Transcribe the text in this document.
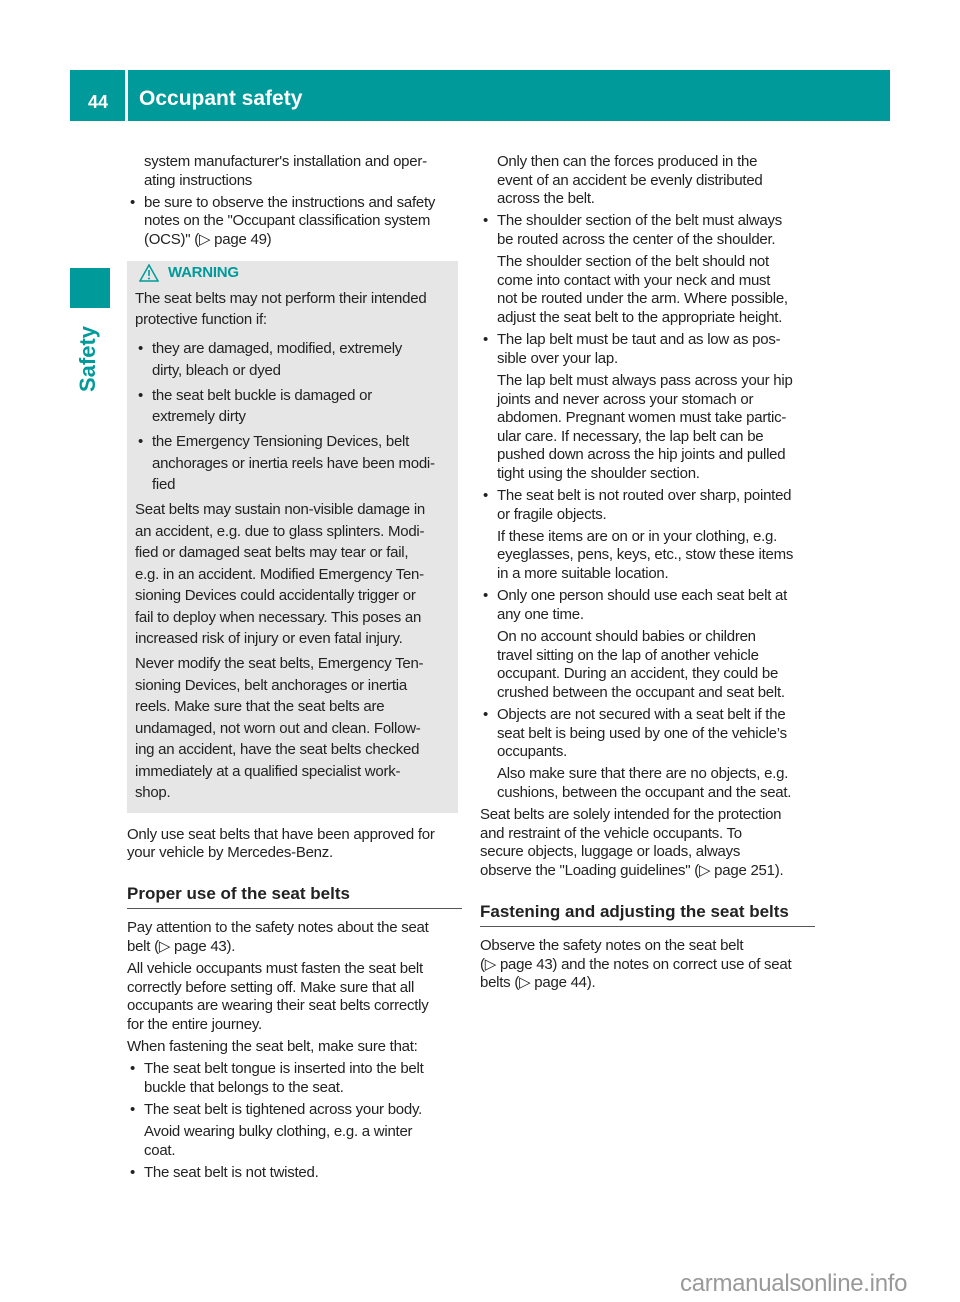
44 Occupant safety
Safety

system manufacturer's installation and oper-
ating instructions

• be sure to observe the instructions and safety
notes on the "Occupant classification system
(OCS)" (▷ page 49)

WARNING

The seat belts may not perform their intended
protective function if:

• they are damaged, modified, extremely
dirty, bleach or dyed

• the seat belt buckle is damaged or
extremely dirty

• the Emergency Tensioning Devices, belt
anchorages or inertia reels have been modi-
fied

Seat belts may sustain non-visible damage in
an accident, e.g. due to glass splinters. Modi-
fied or damaged seat belts may tear or fail,
e.g. in an accident. Modified Emergency Ten-
sioning Devices could accidentally trigger or
fail to deploy when necessary. This poses an
increased risk of injury or even fatal injury.

Never modify the seat belts, Emergency Ten-
sioning Devices, belt anchorages or inertia
reels. Make sure that the seat belts are
undamaged, not worn out and clean. Follow-
ing an accident, have the seat belts checked
immediately at a qualified specialist work-
shop.

Only use seat belts that have been approved for
your vehicle by Mercedes-Benz.

Proper use of the seat belts

Pay attention to the safety notes about the seat
belt (▷ page 43).

All vehicle occupants must fasten the seat belt
correctly before setting off. Make sure that all
occupants are wearing their seat belts correctly
for the entire journey.

When fastening the seat belt, make sure that:

• The seat belt tongue is inserted into the belt
buckle that belongs to the seat.

• The seat belt is tightened across your body.

Avoid wearing bulky clothing, e.g. a winter
coat.

• The seat belt is not twisted.

Only then can the forces produced in the
event of an accident be evenly distributed
across the belt.

• The shoulder section of the belt must always
be routed across the center of the shoulder.

The shoulder section of the belt should not
come into contact with your neck and must
not be routed under the arm. Where possible,
adjust the seat belt to the appropriate height.

• The lap belt must be taut and as low as pos-
sible over your lap.

The lap belt must always pass across your hip
joints and never across your stomach or
abdomen. Pregnant women must take partic-
ular care. If necessary, the lap belt can be
pushed down across the hip joints and pulled
tight using the shoulder section.

• The seat belt is not routed over sharp, pointed
or fragile objects.

If these items are on or in your clothing, e.g.
eyeglasses, pens, keys, etc., stow these items
in a more suitable location.

• Only one person should use each seat belt at
any one time.

On no account should babies or children
travel sitting on the lap of another vehicle
occupant. During an accident, they could be
crushed between the occupant and seat belt.

• Objects are not secured with a seat belt if the
seat belt is being used by one of the vehicle’s
occupants.

Also make sure that there are no objects, e.g.
cushions, between the occupant and the seat.

Seat belts are solely intended for the protection
and restraint of the vehicle occupants. To
secure objects, luggage or loads, always
observe the "Loading guidelines" (▷ page 251).

Fastening and adjusting the seat belts

Observe the safety notes on the seat belt
(▷ page 43) and the notes on correct use of seat
belts (▷ page 44).

carmanualsonline.info
